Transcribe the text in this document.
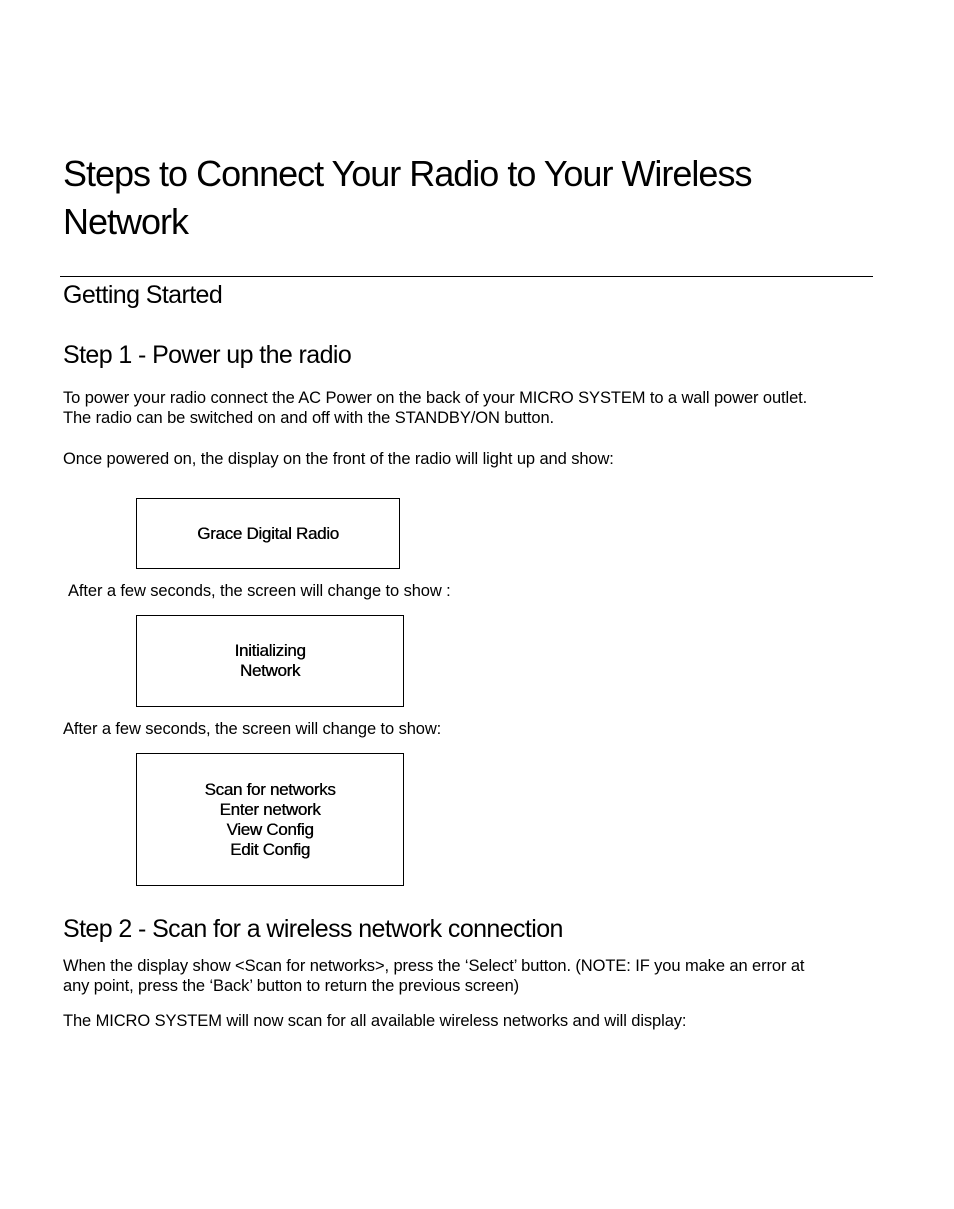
Steps to Connect Your Radio to Your Wireless
Network
Getting Started
Step 1 - Power up the radio

To power your radio connect the AC Power on the back of your MICRO SYSTEM to a wall power outlet.
The radio can be switched on and off with the STANDBY/ON button.

Once powered on, the display on the front of the radio will light up and show:

Grace Digital Radio

After a few seconds, the screen will change to show :

Initializing
Network

After a few seconds, the screen will change to show:

Scan for networks
Enter network
View Config
Edit Config
Step 2 - Scan for a wireless network connection

When the display show <Scan for networks>, press the ‘Select’ button. (NOTE: IF you make an error at
any point, press the ‘Back’ button to return the previous screen)

The MICRO SYSTEM will now scan for all available wireless networks and will display:
